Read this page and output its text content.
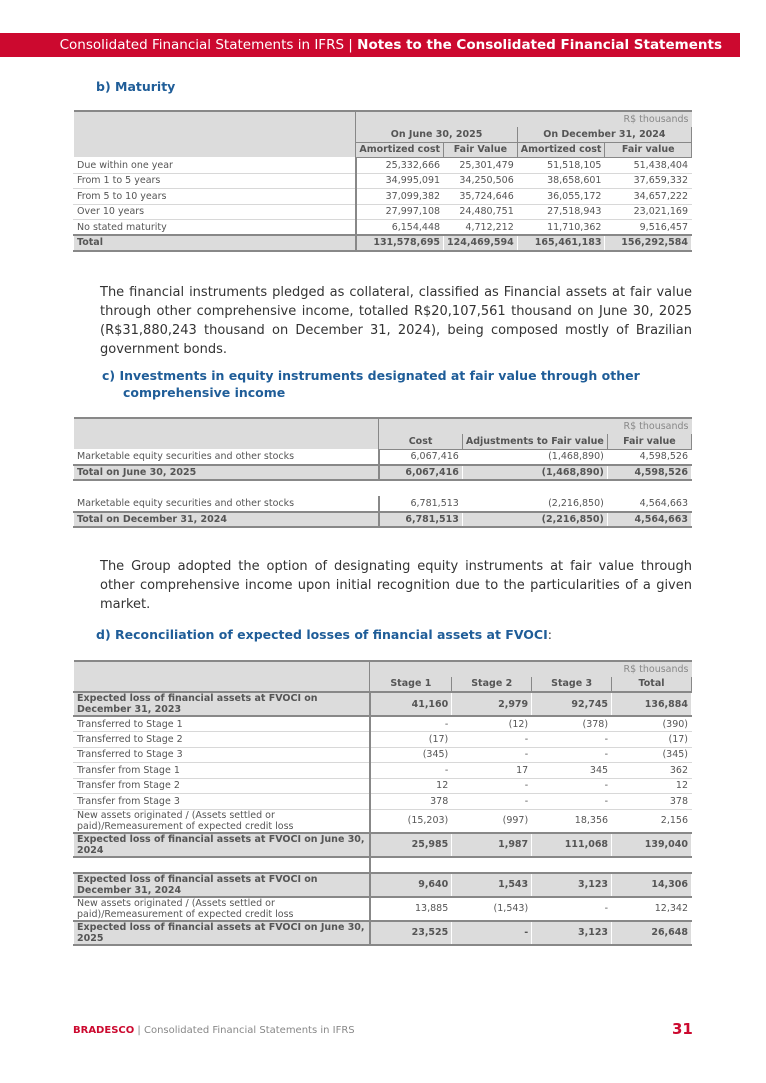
Consolidated Financial Statements in IFRS | Notes to the Consolidated Financial Statements
b) Maturity
	R$ thousands			
	On June 30, 2025		On December 31, 2024	
	Amortized cost	Fair Value	Amortized cost	Fair value
Due within one year	25,332,666	25,301,479	51,518,105	51,438,404
From 1 to 5 years	34,995,091	34,250,506	38,658,601	37,659,332
From 5 to 10 years	37,099,382	35,724,646	36,055,172	34,657,222
Over 10 years	27,997,108	24,480,751	27,518,943	23,021,169
No stated maturity	6,154,448	4,712,212	11,710,362	9,516,457
Total	131,578,695	124,469,594	165,461,183	156,292,584
The financial instruments pledged as collateral, classified as Financial assets at fair value through other comprehensive income, totalled R$20,107,561 thousand on June 30, 2025 (R$31,880,243 thousand on December 31, 2024), being composed mostly of Brazilian government bonds.
c) Investments in equity instruments designated at fair value through other comprehensive income
	R$ thousands		
	Cost	Adjustments to Fair value	Fair value
Marketable equity securities and other stocks	6,067,416	(1,468,890)	4,598,526
Total on June 30, 2025	6,067,416	(1,468,890)	4,598,526

Marketable equity securities and other stocks	6,781,513	(2,216,850)	4,564,663
Total on December 31, 2024	6,781,513	(2,216,850)	4,564,663
The Group adopted the option of designating equity instruments at fair value through other comprehensive income upon initial recognition due to the particularities of a given market.
d) Reconciliation of expected losses of financial assets at FVOCI:
	R$ thousands			
	Stage 1	Stage 2	Stage 3	Total
Expected loss of financial assets at FVOCI on December 31, 2023	41,160	2,979	92,745	136,884
Transferred to Stage 1	-	(12)	(378)	(390)
Transferred to Stage 2	(17)	-	-	(17)
Transferred to Stage 3	(345)	-	-	(345)
Transfer from Stage 1	-	17	345	362
Transfer from Stage 2	12	-	-	12
Transfer from Stage 3	378	-	-	378
New assets originated / (Assets settled or paid)/Remeasurement of expected credit loss	(15,203)	(997)	18,356	2,156
Expected loss of financial assets at FVOCI on June 30, 2024	25,985	1,987	111,068	139,040

Expected loss of financial assets at FVOCI on December 31, 2024	9,640	1,543	3,123	14,306
New assets originated / (Assets settled or paid)/Remeasurement of expected credit loss	13,885	(1,543)	-	12,342
Expected loss of financial assets at FVOCI on June 30, 2025	23,525	-	3,123	26,648
BRADESCO | Consolidated Financial Statements in IFRS	31
